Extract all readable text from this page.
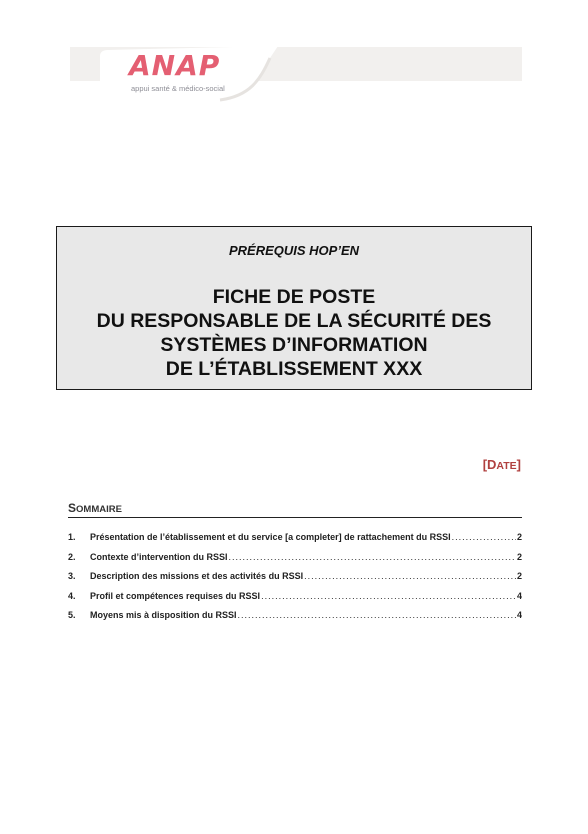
ANAP
appui santé & médico-social
PRÉREQUIS HOP’EN
FICHE DE POSTE
DU RESPONSABLE DE LA SÉCURITÉ DES
SYSTÈMES D’INFORMATION
DE L’ÉTABLISSEMENT XXX
[DATE]
SOMMAIRE
1.	Présentation de l’établissement et du service [a completer] de rattachement du RSSI .....	2
2.	Contexte d’intervention du RSSI .....	2
3.	Description des missions et des activités du RSSI .....	2
4.	Profil et compétences requises du RSSI .....	4
5.	Moyens mis à disposition du RSSI .....	4
